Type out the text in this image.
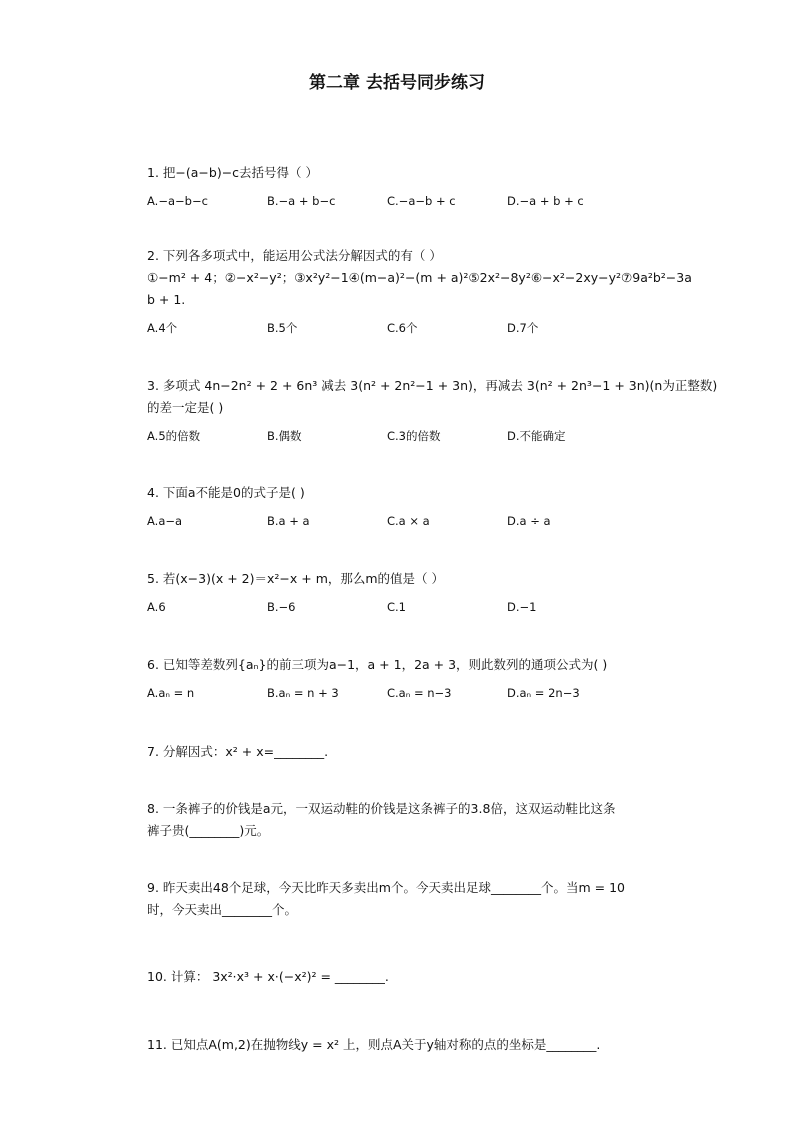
第二章 去括号同步练习
1. 把−(a−b)−c去括号得（ ）
A.−a−b−c	B.−a + b−c	C.−a−b + c	D.−a + b + c
2. 下列各多项式中，能运用公式法分解因式的有（ ）
①−m² + 4；②−x²−y²；③x²y²−1④(m−a)²−(m + a)²⑤2x²−8y²⑥−x²−2xy−y²⑦9a²b²−3a
b + 1.
A.4个	B.5个	C.6个	D.7个
3. 多项式 4n−2n² + 2 + 6n³ 减去 3(n² + 2n²−1 + 3n)，再减去 3(n² + 2n³−1 + 3n)(n为正整数)
的差一定是( )
A.5的倍数	B.偶数	C.3的倍数	D.不能确定
4. 下面a不能是0的式子是( )
A.a−a	B.a + a	C.a × a	D.a ÷ a
5. 若(x−3)(x + 2)＝x²−x + m，那么m的值是（ ）
A.6	B.−6	C.1	D.−1
6. 已知等差数列{aₙ}的前三项为a−1，a + 1，2a + 3，则此数列的通项公式为( )
A.aₙ = n	B.aₙ = n + 3	C.aₙ = n−3	D.aₙ = 2n−3
7. 分解因式：x² + x=________.
8. 一条裤子的价钱是a元，一双运动鞋的价钱是这条裤子的3.8倍，这双运动鞋比这条
裤子贵(________)元。
9. 昨天卖出48个足球，今天比昨天多卖出m个。今天卖出足球________个。当m = 10
时，今天卖出________个。
10. 计算： 3x²⋅x³ + x⋅(−x²)² = ________.
11. 已知点A(m,2)在抛物线y = x² 上，则点A关于y轴对称的点的坐标是________.
